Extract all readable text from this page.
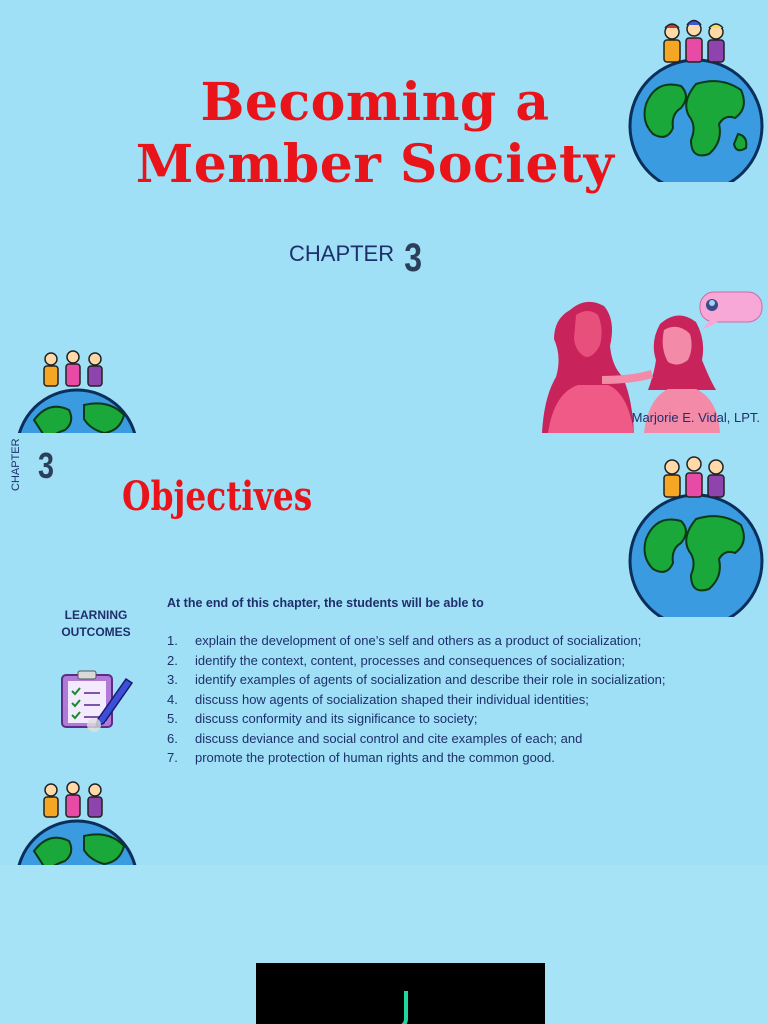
Becoming a
Member Society
CHAPTER 3
Marjorie E. Vidal, LPT.
CHAPTER 3
Objectives
LEARNING
OUTCOMES
At the end of this chapter, the students will be able to
1.	explain the development of one’s self and others as a product of socialization;
2.	identify the context, content, processes and consequences of socialization;
3.	identify examples of agents of socialization and describe their role in socialization;
4.	discuss how agents of socialization shaped their individual identities;
5.	discuss conformity and its significance to society;
6.	discuss deviance and social control and cite examples of each; and
7.	promote the protection of human rights and the common good.
